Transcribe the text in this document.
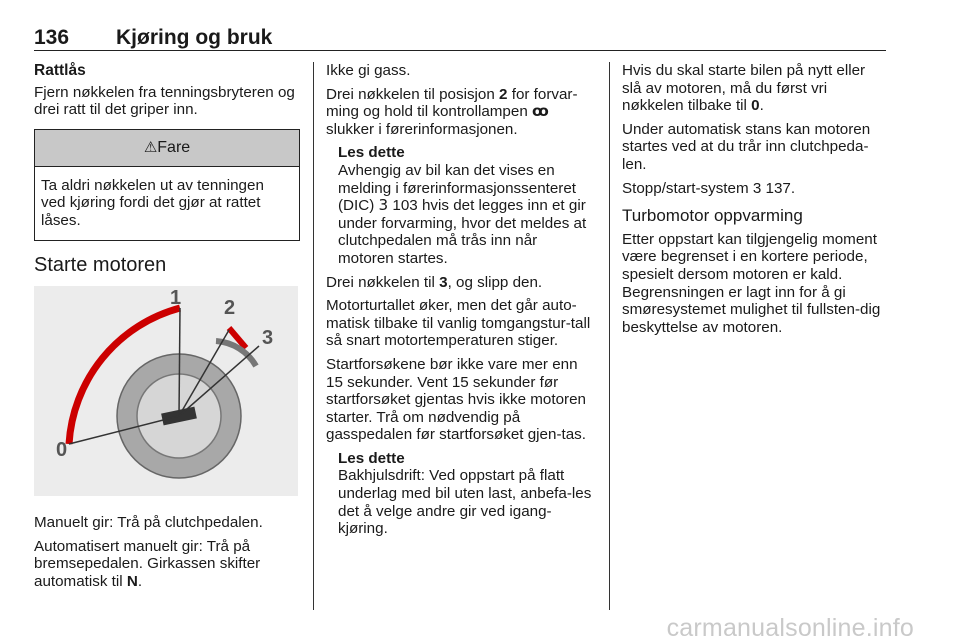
136 Kjøring og bruk
Rattlås

Fjern nøkkelen fra tenningsbryteren og drei ratt til det griper inn.

⚠Fare
Ta aldri nøkkelen ut av tenningen ved kjøring fordi det gjør at rattet låses.
Starte motoren
0
1 2
3

Manuelt gir: Trå på clutchpedalen.

Automatisert manuelt gir: Trå på bremsepedalen. Girkassen skifter automatisk til N.

Ikke gi gass.

Drei nøkkelen til posisjon 2 for forvar-ming og hold til kontrollampen ꝏ slukker i førerinformasjonen.

Les dette
Avhengig av bil kan det vises en melding i førerinformasjonssenteret (DIC) 3 103 hvis det legges inn et gir under forvarming, hvor det meldes at clutchpedalen må trås inn når motoren startes.

Drei nøkkelen til 3, og slipp den.

Motorturtallet øker, men det går auto-matisk tilbake til vanlig tomgangstur-tall så snart motortemperaturen stiger.

Startforsøkene bør ikke vare mer enn 15 sekunder. Vent 15 sekunder før startforsøket gjentas hvis ikke motoren starter. Trå om nødvendig på gasspedalen før startforsøket gjen-tas.

Les dette
Bakhjulsdrift: Ved oppstart på flatt underlag med bil uten last, anbefa-les det å velge andre gir ved igang-kjøring.

Hvis du skal starte bilen på nytt eller slå av motoren, må du først vri nøkkelen tilbake til 0.

Under automatisk stans kan motoren startes ved at du trår inn clutchpeda-len.

Stopp/start-system 3 137.

Turbomotor oppvarming

Etter oppstart kan tilgjengelig moment være begrenset i en kortere periode, spesielt dersom motoren er kald. Begrensningen er lagt inn for å gi smøresystemet mulighet til fullsten-dig beskyttelse av motoren.

carmanualsonline.info
